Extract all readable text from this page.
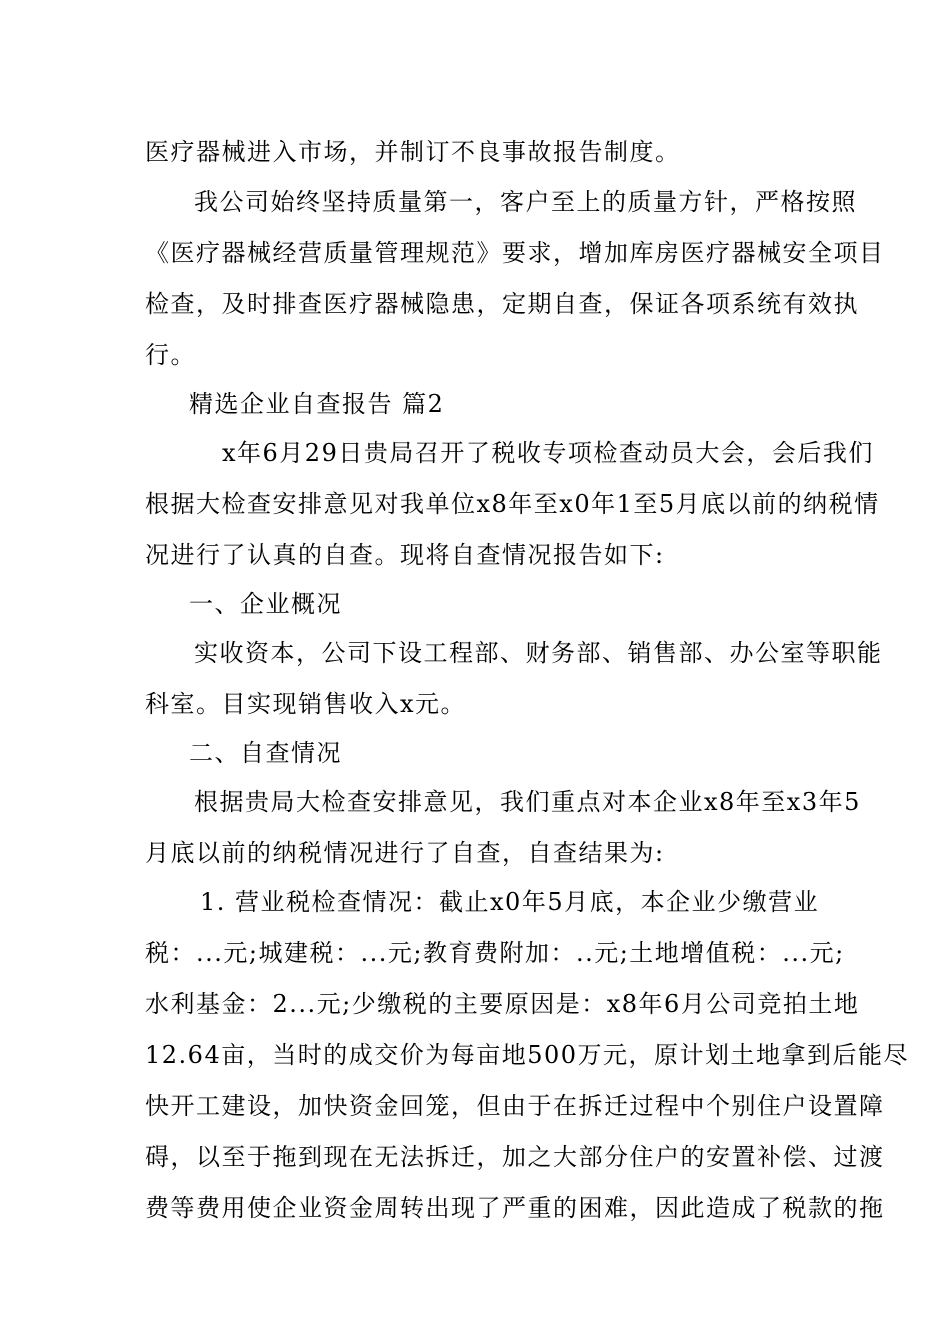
医疗器械进入市场，并制订不良事故报告制度。
我公司始终坚持质量第一，客户至上的质量方针，严格按照
《医疗器械经营质量管理规范》要求，增加库房医疗器械安全项目
检查，及时排查医疗器械隐患，定期自查，保证各项系统有效执
行。
精选企业自查报告 篇2
x年6月29日贵局召开了税收专项检查动员大会，会后我们
根据大检查安排意见对我单位x8年至x0年1至5月底以前的纳税情
况进行了认真的自查。现将自查情况报告如下:
一、企业概况
实收资本，公司下设工程部、财务部、销售部、办公室等职能
科室。目实现销售收入x元。
二、自查情况
根据贵局大检查安排意见，我们重点对本企业x8年至x3年5
月底以前的纳税情况进行了自查，自查结果为:
1. 营业税检查情况：截止x0年5月底，本企业少缴营业
税：...元;城建税：...元;教育费附加：..元;土地增值税：...元;
水利基金：2...元;少缴税的主要原因是：x8年6月公司竞拍土地
12.64亩，当时的成交价为每亩地500万元，原计划土地拿到后能尽
快开工建设，加快资金回笼，但由于在拆迁过程中个别住户设置障
碍，以至于拖到现在无法拆迁，加之大部分住户的安置补偿、过渡
费等费用使企业资金周转出现了严重的困难，因此造成了税款的拖
